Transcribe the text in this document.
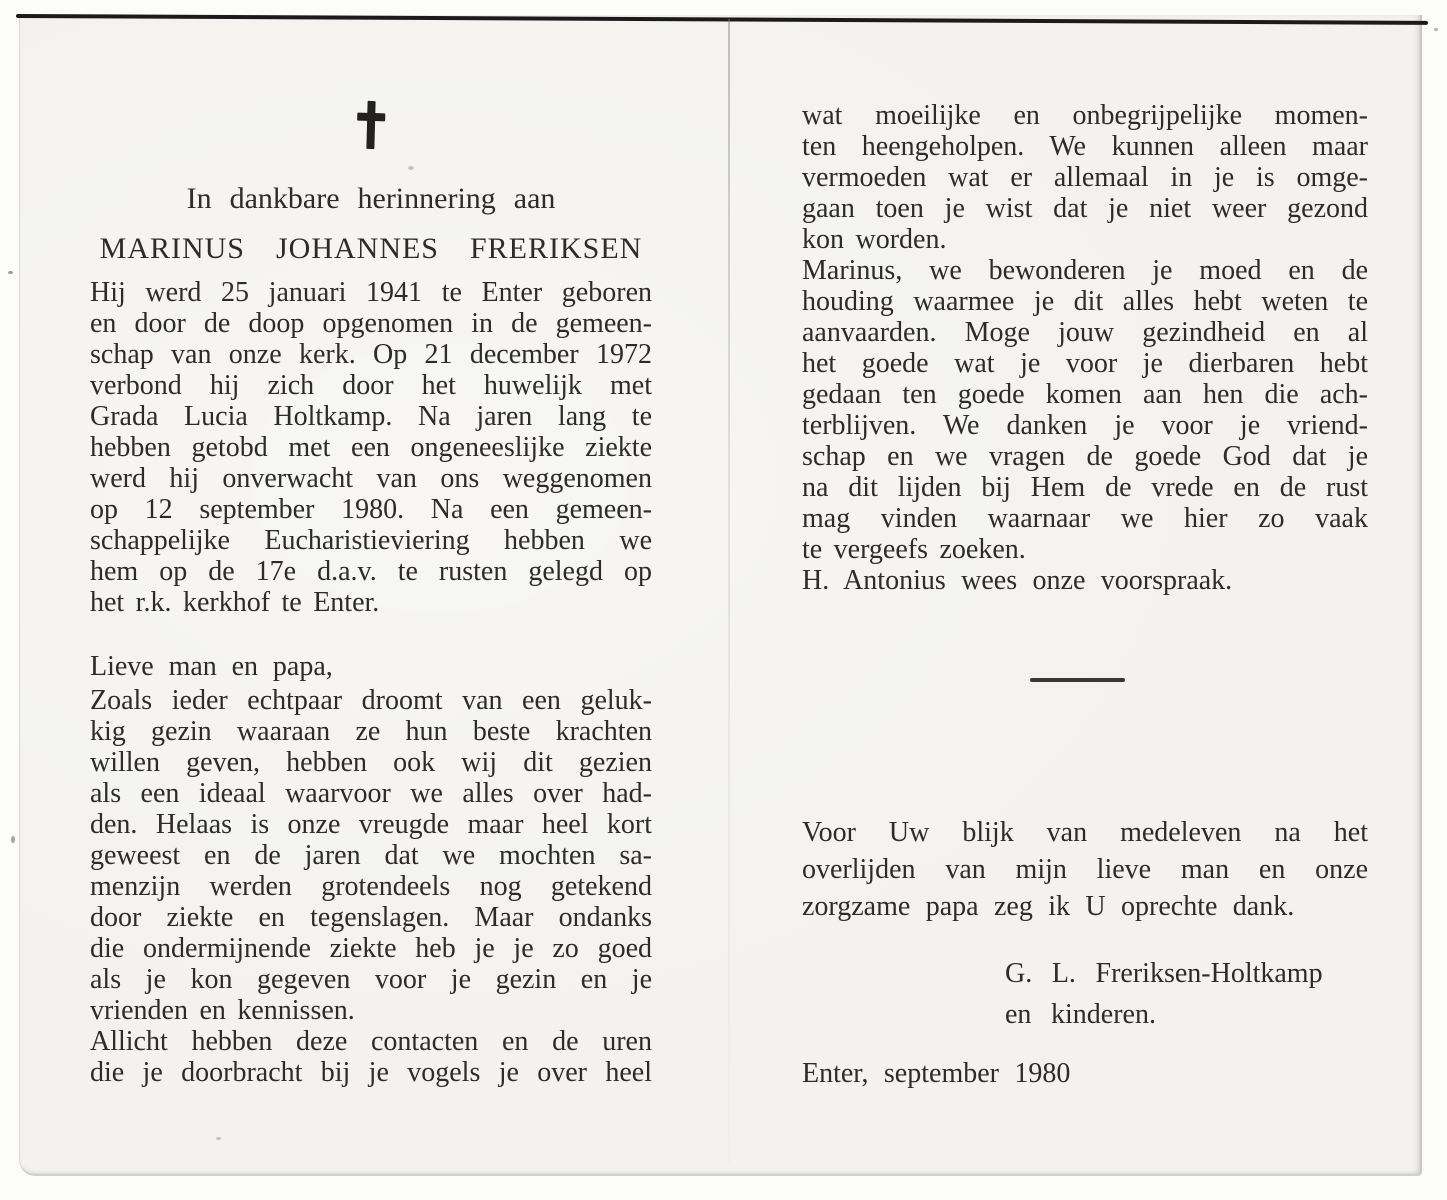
In dankbare herinnering aan
MARINUS JOHANNES FRERIKSEN
Hij werd 25 januari 1941 te Enter geboren
en door de doop opgenomen in de gemeen-
schap van onze kerk. Op 21 december 1972
verbond hij zich door het huwelijk met
Grada Lucia Holtkamp. Na jaren lang te
hebben getobd met een ongeneeslijke ziekte
werd hij onverwacht van ons weggenomen
op 12 september 1980. Na een gemeen-
schappelijke Eucharistieviering hebben we
hem op de 17e d.a.v. te rusten gelegd op
het r.k. kerkhof te Enter.
Lieve man en papa,
Zoals ieder echtpaar droomt van een geluk-
kig gezin waaraan ze hun beste krachten
willen geven, hebben ook wij dit gezien
als een ideaal waarvoor we alles over had-
den. Helaas is onze vreugde maar heel kort
geweest en de jaren dat we mochten sa-
menzijn werden grotendeels nog getekend
door ziekte en tegenslagen. Maar ondanks
die ondermijnende ziekte heb je je zo goed
als je kon gegeven voor je gezin en je
vrienden en kennissen.
Allicht hebben deze contacten en de uren
die je doorbracht bij je vogels je over heel
wat moeilijke en onbegrijpelijke momen-
ten heengeholpen. We kunnen alleen maar
vermoeden wat er allemaal in je is omge-
gaan toen je wist dat je niet weer gezond
kon worden.
Marinus, we bewonderen je moed en de
houding waarmee je dit alles hebt weten te
aanvaarden. Moge jouw gezindheid en al
het goede wat je voor je dierbaren hebt
gedaan ten goede komen aan hen die ach-
terblijven. We danken je voor je vriend-
schap en we vragen de goede God dat je
na dit lijden bij Hem de vrede en de rust
mag vinden waarnaar we hier zo vaak
te vergeefs zoeken.
H. Antonius wees onze voorspraak.
Voor Uw blijk van medeleven na het
overlijden van mijn lieve man en onze
zorgzame papa zeg ik U oprechte dank.
G. L. Freriksen-Holtkamp
en kinderen.
Enter, september 1980
